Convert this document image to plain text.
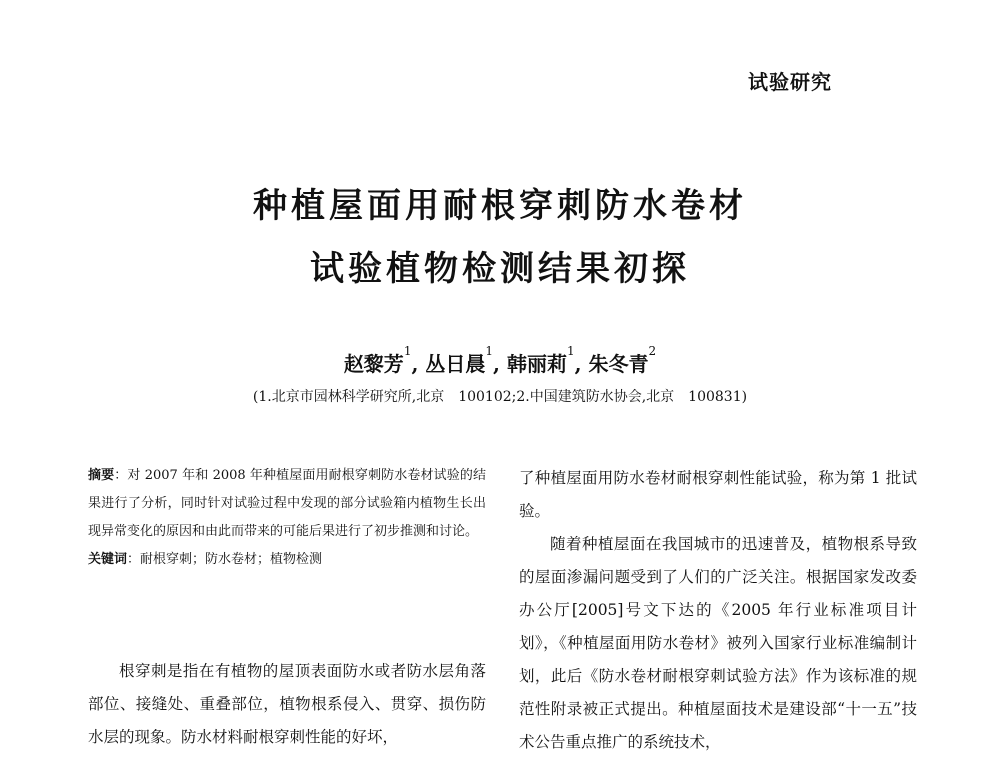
试验研究
种植屋面用耐根穿刺防水卷材
试验植物检测结果初探
赵黎芳$^1$, 丛日晨$^1$, 韩丽莉$^1$, 朱冬青$^2$
(1.北京市园林科学研究所,北京　100102;2.中国建筑防水协会,北京　100831)

摘要：对 2007 年和 2008 年种植屋面用耐根穿刺防水卷材试验的结果进行了分析，同时针对试验过程中发现的部分试验箱内植物生长出现异常变化的原因和由此而带来的可能后果进行了初步推测和讨论。

关键词：耐根穿刺；防水卷材；植物检测

根穿刺是指在有植物的屋顶表面防水或者防水层角落部位、接缝处、重叠部位，植物根系侵入、贯穿、损伤防水层的现象。防水材料耐根穿刺性能的好坏，

了种植屋面用防水卷材耐根穿刺性能试验，称为第 1 批试验。

随着种植屋面在我国城市的迅速普及，植物根系导致的屋面渗漏问题受到了人们的广泛关注。根据国家发改委办公厅[2005]号文下达的《2005 年行业标准项目计划》，《种植屋面用防水卷材》被列入国家行业标准编制计划，此后《防水卷材耐根穿刺试验方法》作为该标准的规范性附录被正式提出。种植屋面技术是建设部“十一五”技术公告重点推广的系统技术，
